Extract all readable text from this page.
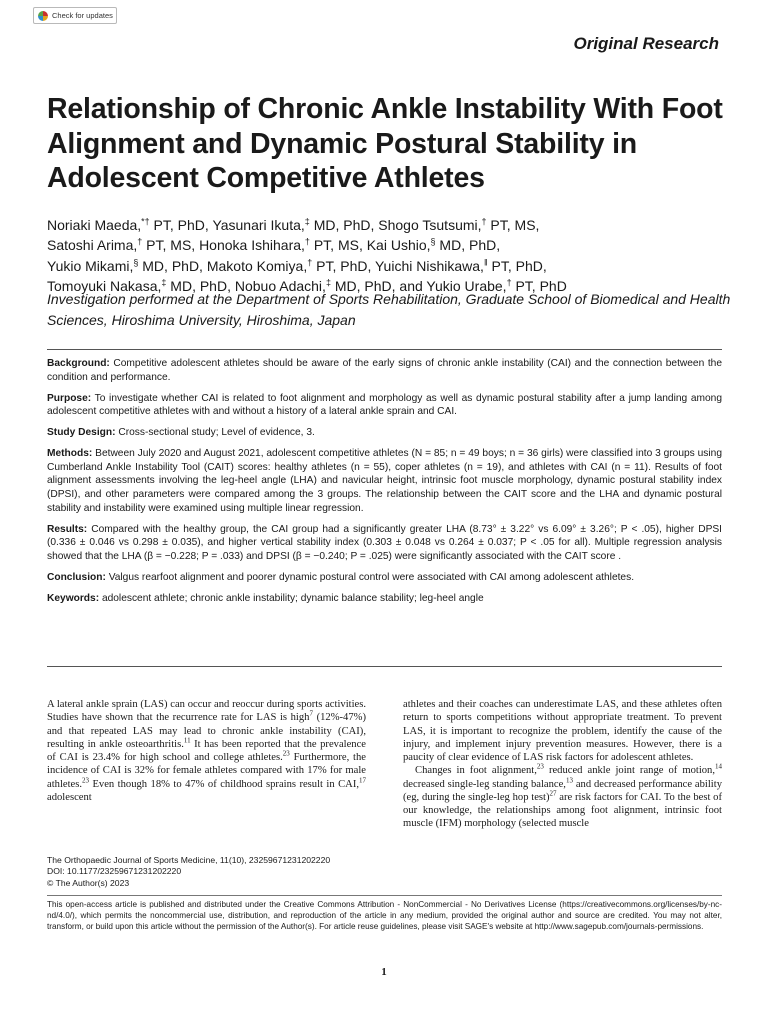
Check for updates
Original Research
Relationship of Chronic Ankle Instability With Foot Alignment and Dynamic Postural Stability in Adolescent Competitive Athletes
Noriaki Maeda,*† PT, PhD, Yasunari Ikuta,‡ MD, PhD, Shogo Tsutsumi,† PT, MS,
Satoshi Arima,† PT, MS, Honoka Ishihara,† PT, MS, Kai Ushio,§ MD, PhD,
Yukio Mikami,§ MD, PhD, Makoto Komiya,† PT, PhD, Yuichi Nishikawa,‖ PT, PhD,
Tomoyuki Nakasa,‡ MD, PhD, Nobuo Adachi,‡ MD, PhD, and Yukio Urabe,† PT, PhD
Investigation performed at the Department of Sports Rehabilitation, Graduate School of Biomedical and Health Sciences, Hiroshima University, Hiroshima, Japan

Background: Competitive adolescent athletes should be aware of the early signs of chronic ankle instability (CAI) and the connection between the condition and performance.

Purpose: To investigate whether CAI is related to foot alignment and morphology as well as dynamic postural stability after a jump landing among adolescent competitive athletes with and without a history of a lateral ankle sprain and CAI.

Study Design: Cross-sectional study; Level of evidence, 3.

Methods: Between July 2020 and August 2021, adolescent competitive athletes (N = 85; n = 49 boys; n = 36 girls) were classified into 3 groups using Cumberland Ankle Instability Tool (CAIT) scores: healthy athletes (n = 55), coper athletes (n = 19), and athletes with CAI (n = 11). Results of foot alignment assessments involving the leg-heel angle (LHA) and navicular height, intrinsic foot muscle morphology, dynamic postural stability index (DPSI), and other parameters were compared among the 3 groups. The relationship between the CAIT score and the LHA and dynamic postural stability and instability were examined using multiple linear regression.

Results: Compared with the healthy group, the CAI group had a significantly greater LHA (8.73° ± 3.22° vs 6.09° ± 3.26°; P < .05), higher DPSI (0.336 ± 0.046 vs 0.298 ± 0.035), and higher vertical stability index (0.303 ± 0.048 vs 0.264 ± 0.037; P < .05 for all). Multiple regression analysis showed that the LHA (β = −0.228; P = .033) and DPSI (β = −0.240; P = .025) were significantly associated with the CAIT score .

Conclusion: Valgus rearfoot alignment and poorer dynamic postural control were associated with CAI among adolescent athletes.

Keywords: adolescent athlete; chronic ankle instability; dynamic balance stability; leg-heel angle

A lateral ankle sprain (LAS) can occur and reoccur during sports activities. Studies have shown that the recurrence rate for LAS is high$^7$ (12%-47%) and that repeated LAS may lead to chronic ankle instability (CAI), resulting in ankle osteoarthritis.$^{11}$ It has been reported that the prevalence of CAI is 23.4% for high school and college athletes.$^{23}$ Furthermore, the incidence of CAI is 32% for female athletes compared with 17% for male athletes.$^{23}$ Even though 18% to 47% of childhood sprains result in CAI,$^{17}$ adolescent

athletes and their coaches can underestimate LAS, and these athletes often return to sports competitions without appropriate treatment. To prevent LAS, it is important to recognize the problem, identify the cause of the injury, and implement injury prevention measures. However, there is a paucity of clear evidence of LAS risk factors for adolescent athletes.

Changes in foot alignment,$^{23}$ reduced ankle joint range of motion,$^{14}$ decreased single-leg standing balance,$^{13}$ and decreased performance ability (eg, during the single-leg hop test)$^{27}$ are risk factors for CAI. To the best of our knowledge, the relationships among foot alignment, intrinsic foot muscle (IFM) morphology (selected muscle

The Orthopaedic Journal of Sports Medicine, 11(10), 23259671231202220
DOI: 10.1177/23259671231202220
© The Author(s) 2023
This open-access article is published and distributed under the Creative Commons Attribution - NonCommercial - No Derivatives License (https://creativecommons.org/licenses/by-nc-nd/4.0/), which permits the noncommercial use, distribution, and reproduction of the article in any medium, provided the original author and source are credited. You may not alter, transform, or build upon this article without the permission of the Author(s). For article reuse guidelines, please visit SAGE's website at http://www.sagepub.com/journals-permissions.
1
